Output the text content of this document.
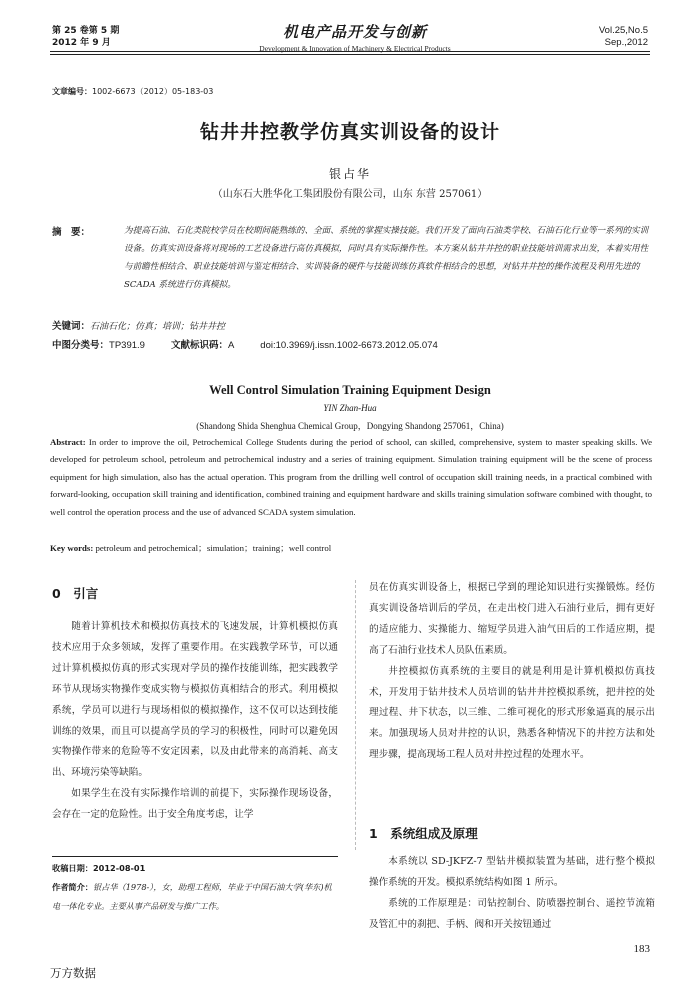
第 25 卷第 5 期
2012 年 9 月
机电产品开发与创新
Development & Innovation of Machinery & Electrical Products
Vol.25,No.5
Sep.,2012
文章编号：1002-6673（2012）05-183-03
钻井井控教学仿真实训设备的设计
银占华
（山东石大胜华化工集团股份有限公司，山东 东营 257061）
摘　要：	为提高石油、石化类院校学员在校期间能熟练的、全面、系统的掌握实操技能。我们开发了面向石油类学校、石油石化行业等一系列的实训设备。仿真实训设备将对现场的工艺设备进行高仿真模拟，同时具有实际操作性。本方案从钻井井控的职业技能培训需求出发，本着实用性与前瞻性相结合、职业技能培训与鉴定相结合、实训装备的硬件与技能训练仿真软件相结合的思想，对钻井井控的操作流程及利用先进的 SCADA 系统进行仿真模拟。
关键词：石油石化；仿真；培训；钻井井控
中图分类号：TP391.9	文献标识码：A	doi:10.3969/j.issn.1002-6673.2012.05.074
Well Control Simulation Training Equipment Design
YIN Zhan-Hua
(Shandong Shida Shenghua Chemical Group，Dongying Shandong 257061，China)
Abstract: In order to improve the oil, Petrochemical College Students during the period of school, can skilled, comprehensive, system to master speaking skills. We developed for petroleum school, petroleum and petrochemical industry and a series of training equipment. Simulation training equipment will be the scene of process equipment for high simulation, also has the actual operation. This program from the drilling well control of occupation skill training needs, in a practical combined with forward-looking, occupation skill training and identification, combined training and equipment hardware and skills training simulation software combined with thought, to well control the operation process and the use of advanced SCADA system simulation.
Key words: petroleum and petrochemical；simulation；training；well control
0　引言

随着计算机技术和模拟仿真技术的飞速发展，计算机模拟仿真技术应用于众多领域，发挥了重要作用。在实践教学环节，可以通过计算机模拟仿真的形式实现对学员的操作技能训练，把实践教学环节从现场实物操作变成实物与模拟仿真相结合的形式。利用模拟系统，学员可以进行与现场相似的模拟操作，这不仅可以达到技能训练的效果，而且可以提高学员的学习的积极性，同时可以避免因实物操作带来的危险等不安定因素，以及由此带来的高消耗、高支出、环境污染等缺陷。

如果学生在没有实际操作培训的前提下，实际操作现场设备，会存在一定的危险性。出于安全角度考虑，让学

收稿日期：2012-08-01
作者简介：银占华（1978-），女，助理工程师，毕业于中国石油大学(华东)机电一体化专业。主要从事产品研发与推广工作。

员在仿真实训设备上，根据已学到的理论知识进行实操锻炼。经仿真实训设备培训后的学员，在走出校门进入石油行业后，拥有更好的适应能力、实操能力、缩短学员进入油气田后的工作适应期，提高了石油行业技术人员队伍素质。

井控模拟仿真系统的主要目的就是利用是计算机模拟仿真技术，开发用于钻井技术人员培训的钻井井控模拟系统，把井控的处理过程、井下状态，以三维、二维可视化的形式形象逼真的展示出来。加强现场人员对井控的认识，熟悉各种情况下的井控方法和处理步骤，提高现场工程人员对井控过程的处理水平。

1　系统组成及原理

本系统以 SD-JKFZ-7 型钻井模拟装置为基础，进行整个模拟操作系统的开发。模拟系统结构如图 1 所示。

系统的工作原理是：司钻控制台、防喷器控制台、遥控节流箱及管汇中的刹把、手柄、阀和开关按钮通过

183
万方数据
